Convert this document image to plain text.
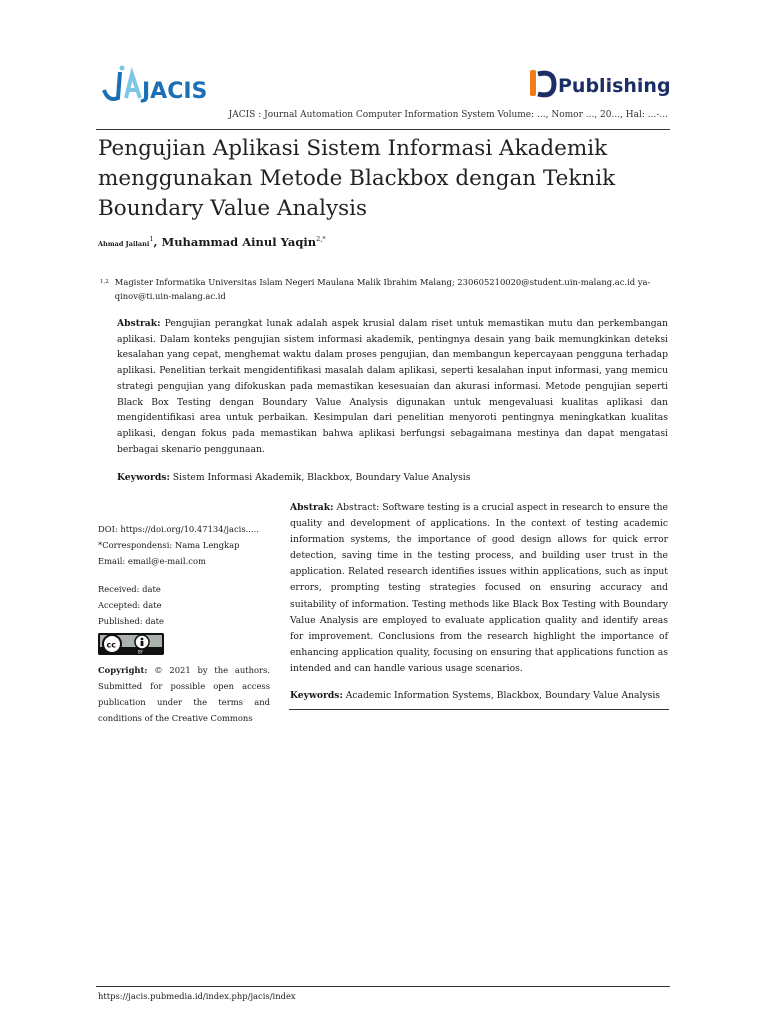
JACIS	Publishing
JACIS : Journal Automation Computer Information System Volume: ..., Nomor ..., 20..., Hal: ...-...
Pengujian Aplikasi Sistem Informasi Akademik menggunakan Metode Blackbox dengan Teknik Boundary Value Analysis
Ahmad Jailani$^1$, Muhammad Ainul Yaqin$^{2,*}$
$^{1,2}$ Magister Informatika Universitas Islam Negeri Maulana Malik Ibrahim Malang; 230605210020@student.uin-malang.ac.id ya-qinov@ti.uin-malang.ac.id
Abstrak: Pengujian perangkat lunak adalah aspek krusial dalam riset untuk memastikan mutu dan perkembangan aplikasi. Dalam konteks pengujian sistem informasi akademik, pentingnya desain yang baik memungkinkan deteksi kesalahan yang cepat, menghemat waktu dalam proses pengujian, dan membangun kepercayaan pengguna terhadap aplikasi. Penelitian terkait mengidentifikasi masalah dalam aplikasi, seperti kesalahan input informasi, yang memicu strategi pengujian yang difokuskan pada memastikan kesesuaian dan akurasi informasi. Metode pengujian seperti Black Box Testing dengan Boundary Value Analysis digunakan untuk mengevaluasi kualitas aplikasi dan mengidentifikasi area untuk perbaikan. Kesimpulan dari penelitian menyoroti pentingnya meningkatkan kualitas aplikasi, dengan fokus pada memastikan bahwa aplikasi berfungsi sebagaimana mestinya dan dapat mengatasi berbagai skenario penggunaan.
Keywords: Sistem Informasi Akademik, Blackbox, Boundary Value Analysis
DOI: https://doi.org/10.47134/jacis.....
*Correspondensi: Nama Lengkap
Email: email@e-mail.com
Received: date
Accepted: date
Published: date
cc
BY
Copyright: © 2021 by the authors. Submitted for possible open access publication under the terms and conditions of the Creative Commons
Abstrak: Abstract: Software testing is a crucial aspect in research to ensure the quality and development of applications. In the context of testing academic information systems, the importance of good design allows for quick error detection, saving time in the testing process, and building user trust in the application. Related research identifies issues within applications, such as input errors, prompting testing strategies focused on ensuring accuracy and suitability of information. Testing methods like Black Box Testing with Boundary Value Analysis are employed to evaluate application quality and identify areas for improvement. Conclusions from the research highlight the importance of enhancing application quality, focusing on ensuring that applications function as intended and can handle various usage scenarios.
Keywords: Academic Information Systems, Blackbox, Boundary Value Analysis
https://jacis.pubmedia.id/index.php/jacis/index
